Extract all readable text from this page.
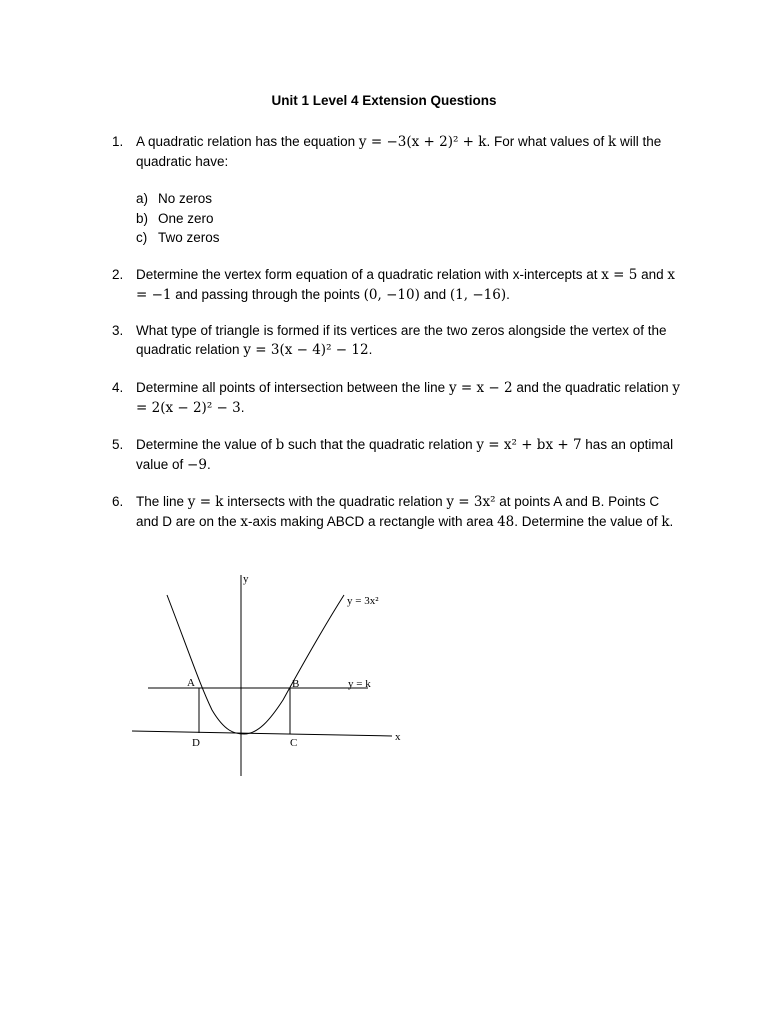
Unit 1 Level 4 Extension Questions
1. A quadratic relation has the equation y = −3(x + 2)² + k. For what values of k will the quadratic have:
a) No zeros
b) One zero
c) Two zeros
2. Determine the vertex form equation of a quadratic relation with x-intercepts at x = 5 and x = −1 and passing through the points (0, −10) and (1, −16).
3. What type of triangle is formed if its vertices are the two zeros alongside the vertex of the quadratic relation y = 3(x − 4)² − 12.
4. Determine all points of intersection between the line y = x − 2 and the quadratic relation y = 2(x − 2)² − 3.
5. Determine the value of b such that the quadratic relation y = x² + bx + 7 has an optimal value of −9.
6. The line y = k intersects with the quadratic relation y = 3x² at points A and B. Points C and D are on the x-axis making ABCD a rectangle with area 48. Determine the value of k.
y
x
y = 3x²
y = k
A	B
C
D
